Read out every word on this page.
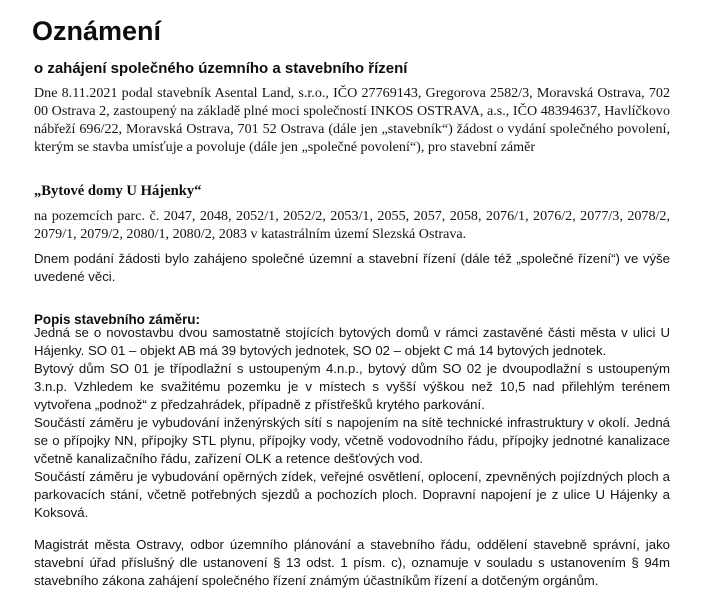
Oznámení
o zahájení společného územního a stavebního řízení
Dne 8.11.2021 podal stavebník Asental Land, s.r.o., IČO 27769143, Gregorova 2582/3, Moravská Ostrava, 702 00 Ostrava 2, zastoupený na základě plné moci společností INKOS OSTRAVA, a.s., IČO 48394637, Havlíčkovo nábřeží 696/22, Moravská Ostrava, 701 52 Ostrava (dále jen „stavebník“) žádost o vydání společného povolení, kterým se stavba umísťuje a povoluje (dále jen „společné povolení“), pro stavební záměr
„Bytové domy U Hájenky“
na pozemcích parc. č. 2047, 2048, 2052/1, 2052/2, 2053/1, 2055, 2057, 2058, 2076/1, 2076/2, 2077/3, 2078/2, 2079/1, 2079/2, 2080/1, 2080/2, 2083 v katastrálním území Slezská Ostrava.
Dnem podání žádosti bylo zahájeno společné územní a stavební řízení (dále též „společné řízení“) ve výše uvedené věci.
Popis stavebního záměru:

Jedná se o novostavbu dvou samostatně stojících bytových domů v rámci zastavěné části města v ulici U Hájenky. SO 01 – objekt AB má 39 bytových jednotek, SO 02 – objekt C má 14 bytových jednotek.

Bytový dům SO 01 je třípodlažní s ustoupeným 4.n.p., bytový dům SO 02 je dvoupodlažní s ustoupeným 3.n.p. Vzhledem ke svažitému pozemku je v místech s vyšší výškou než 10,5 nad přilehlým terénem vytvořena „podnož“ z předzahrádek, případně z přístřešků krytého parkování.

Součástí záměru je vybudování inženýrských sítí s napojením na sítě technické infrastruktury v okolí. Jedná se o přípojky NN, přípojky STL plynu, přípojky vody, včetně vodovodního řádu, přípojky jednotné kanalizace včetně kanalizačního řádu, zařízení OLK a retence dešťových vod.

Součástí záměru je vybudování opěrných zídek, veřejné osvětlení, oplocení, zpevněných pojízdných ploch a parkovacích stání, včetně potřebných sjezdů a pochozích ploch. Dopravní napojení je z ulice U Hájenky a Koksová.

Magistrát města Ostravy, odbor územního plánování a stavebního řádu, oddělení stavebně správní, jako stavební úřad příslušný dle ustanovení § 13 odst. 1 písm. c), oznamuje v souladu s ustanovením § 94m stavebního zákona zahájení společného řízení známým účastníkům řízení a dotčeným orgánům.
